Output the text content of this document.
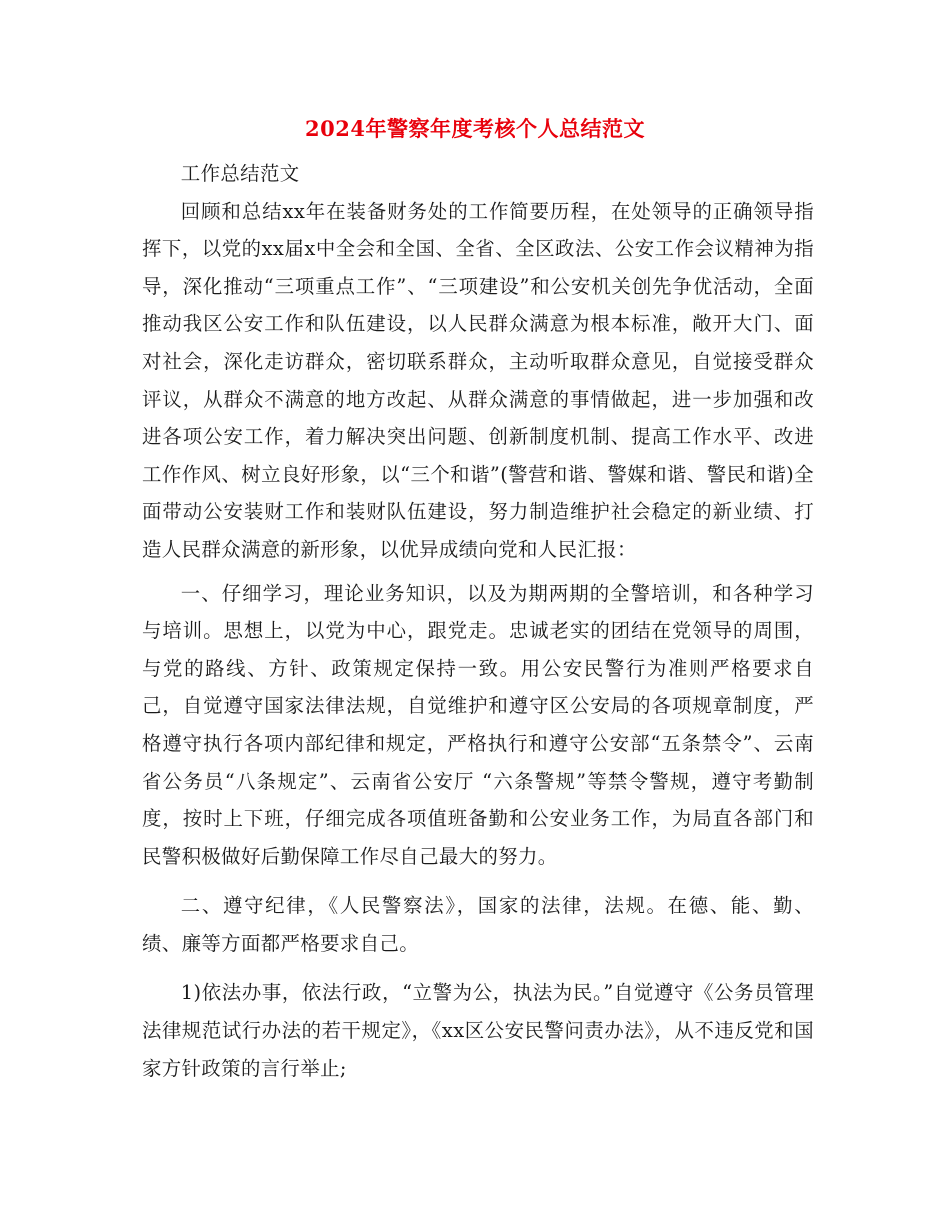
2024年警察年度考核个人总结范文

工作总结范文

回顾和总结xx年在装备财务处的工作简要历程，在处领导的正确领导指挥下，以党的xx届x中全会和全国、全省、全区政法、公安工作会议精神为指导，深化推动“三项重点工作”、“三项建设”和公安机关创先争优活动，全面推动我区公安工作和队伍建设，以人民群众满意为根本标准，敞开大门、面对社会，深化走访群众，密切联系群众，主动听取群众意见，自觉接受群众评议，从群众不满意的地方改起、从群众满意的事情做起，进一步加强和改进各项公安工作，着力解决突出问题、创新制度机制、提高工作水平、改进工作作风、树立良好形象，以“三个和谐”(警营和谐、警媒和谐、警民和谐)全面带动公安装财工作和装财队伍建设，努力制造维护社会稳定的新业绩、打造人民群众满意的新形象，以优异成绩向党和人民汇报：

一、仔细学习，理论业务知识，以及为期两期的全警培训，和各种学习与培训。思想上，以党为中心，跟党走。忠诚老实的团结在党领导的周围，与党的路线、方针、政策规定保持一致。用公安民警行为准则严格要求自己，自觉遵守国家法律法规，自觉维护和遵守区公安局的各项规章制度，严格遵守执行各项内部纪律和规定，严格执行和遵守公安部“五条禁令”、云南省公务员“八条规定”、云南省公安厅 “六条警规”等禁令警规，遵守考勤制度，按时上下班，仔细完成各项值班备勤和公安业务工作，为局直各部门和民警积极做好后勤保障工作尽自己最大的努力。

二、遵守纪律，《人民警察法》，国家的法律，法规。在德、能、勤、绩、廉等方面都严格要求自己。

1)依法办事，依法行政，“立警为公，执法为民。”自觉遵守《公务员管理法律规范试行办法的若干规定》，《xx区公安民警问责办法》，从不违反党和国家方针政策的言行举止;
